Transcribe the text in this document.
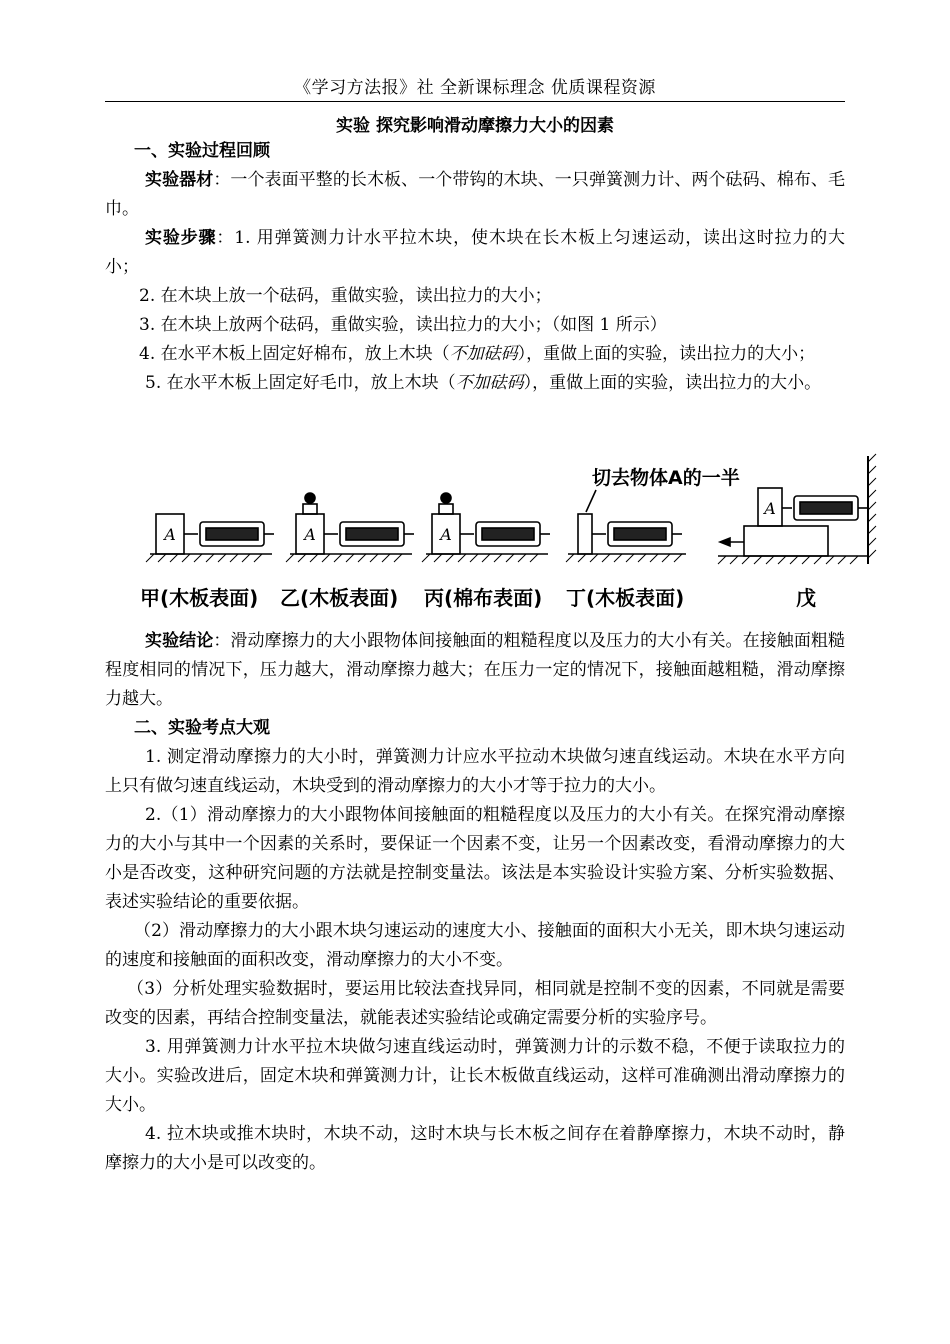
《学习方法报》社 全新课标理念 优质课程资源
实验 探究影响滑动摩擦力大小的因素

一、实验过程回顾

实验器材：一个表面平整的长木板、一个带钩的木块、一只弹簧测力计、两个砝码、棉布、毛巾。

实验步骤：1. 用弹簧测力计水平拉木块，使木块在长木板上匀速运动，读出这时拉力的大小；

2. 在木块上放一个砝码，重做实验，读出拉力的大小；

3. 在木块上放两个砝码，重做实验，读出拉力的大小；（如图 1 所示）

4. 在水平木板上固定好棉布，放上木块（不加砝码），重做上面的实验，读出拉力的大小；

5. 在水平木板上固定好毛巾，放上木块（不加砝码），重做上面的实验，读出拉力的大小。

A	A	A
切去物体A的一半
A
甲(木板表面) 乙(木板表面) 丙(棉布表面) 丁(木板表面)	戊

实验结论：滑动摩擦力的大小跟物体间接触面的粗糙程度以及压力的大小有关。在接触面粗糙程度相同的情况下，压力越大，滑动摩擦力越大；在压力一定的情况下，接触面越粗糙，滑动摩擦力越大。

二、实验考点大观

1. 测定滑动摩擦力的大小时，弹簧测力计应水平拉动木块做匀速直线运动。木块在水平方向上只有做匀速直线运动，木块受到的滑动摩擦力的大小才等于拉力的大小。

2.（1）滑动摩擦力的大小跟物体间接触面的粗糙程度以及压力的大小有关。在探究滑动摩擦力的大小与其中一个因素的关系时，要保证一个因素不变，让另一个因素改变，看滑动摩擦力的大小是否改变，这种研究问题的方法就是控制变量法。该法是本实验设计实验方案、分析实验数据、表述实验结论的重要依据。

（2）滑动摩擦力的大小跟木块匀速运动的速度大小、接触面的面积大小无关，即木块匀速运动的速度和接触面的面积改变，滑动摩擦力的大小不变。

（3）分析处理实验数据时，要运用比较法查找异同，相同就是控制不变的因素，不同就是需要改变的因素，再结合控制变量法，就能表述实验结论或确定需要分析的实验序号。

3. 用弹簧测力计水平拉木块做匀速直线运动时，弹簧测力计的示数不稳，不便于读取拉力的大小。实验改进后，固定木块和弹簧测力计，让长木板做直线运动，这样可准确测出滑动摩擦力的大小。

4. 拉木块或推木块时，木块不动，这时木块与长木板之间存在着静摩擦力，木块不动时，静摩擦力的大小是可以改变的。
